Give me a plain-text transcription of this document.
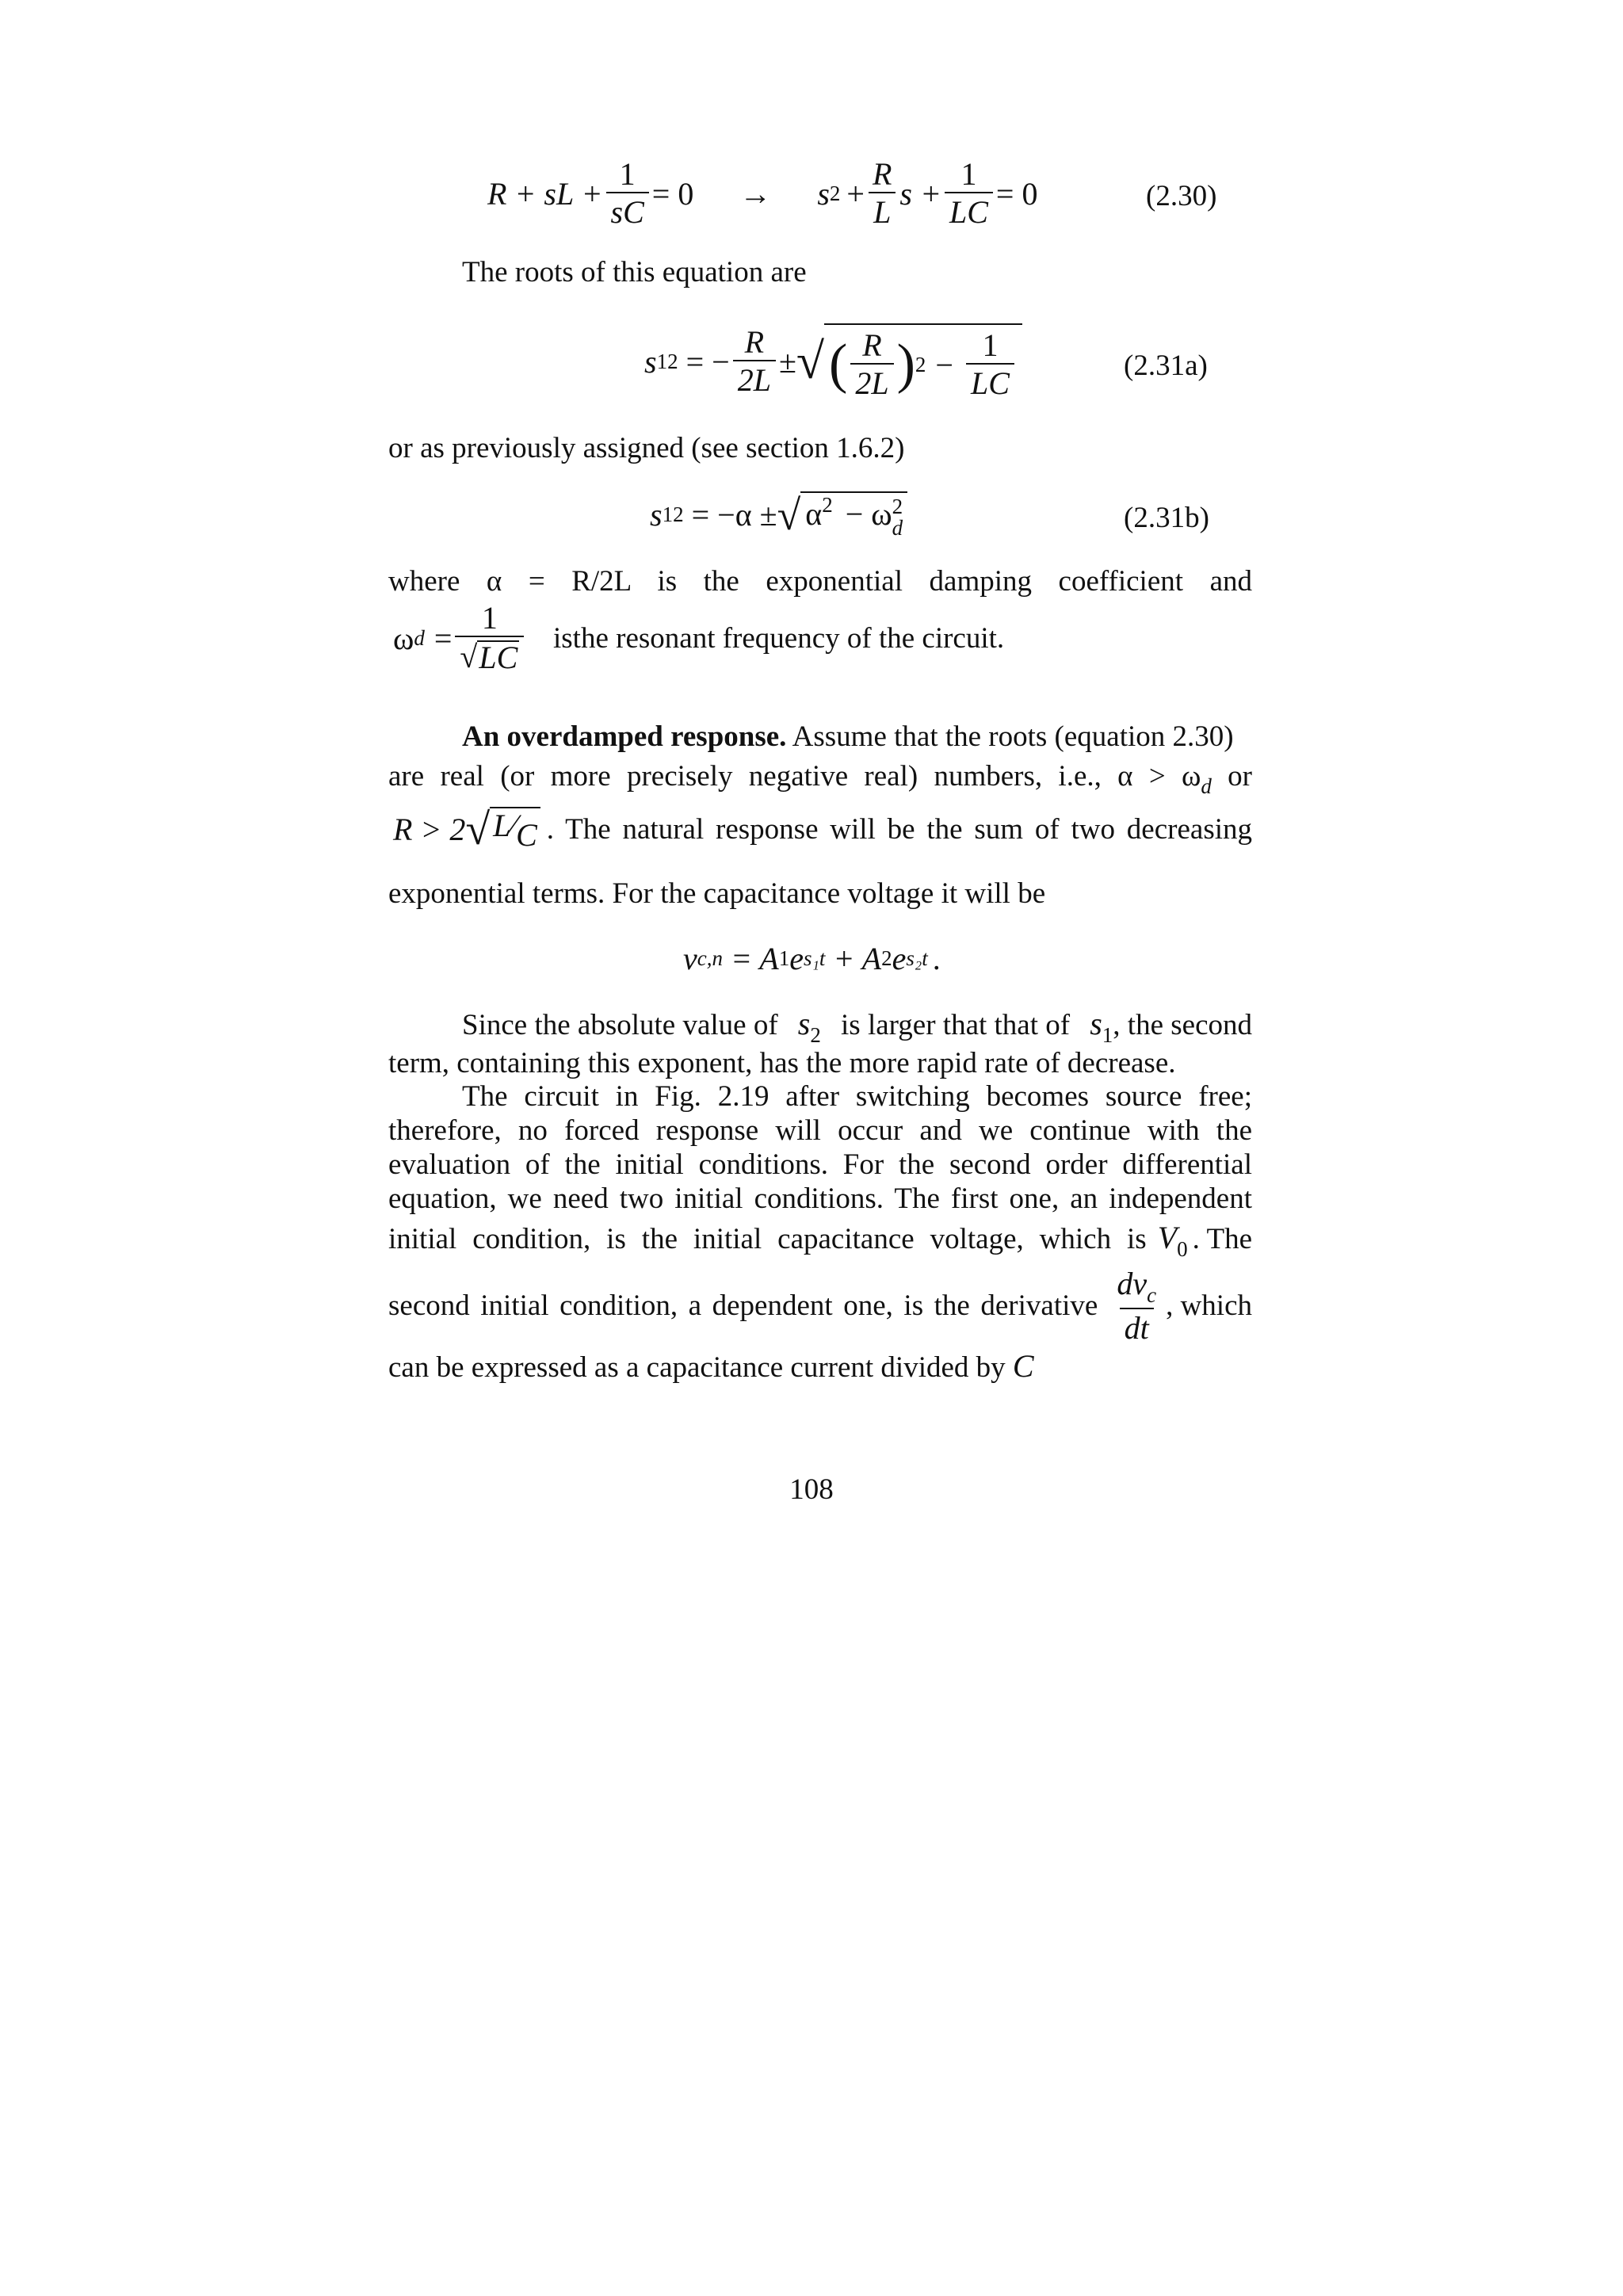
R + sL + $\frac{1}{sC} = 0 \to s$ $2 + \frac{R}{L}$ $s + \frac{1}{LC} = 0$	(2.30)
The roots of this equation are
s 12 = − $\frac{R}{2L}$ ± √ ( $\frac{R}{2L}$ ) $2 - \frac{1}{LC}$	(2.31a)
or as previously assigned (see section 1.6.2)
s 12 = −α ± √ $\alpha^2 - \omega$ 2
d	(2.31b)
where   α   =   R/2L   is   the   exponential   damping   coefficient   and
ω $d = \frac{1}{√ LC}$ isthe resonant frequency of the circuit.
An overdamped response. Assume that the roots (equation 2.30)
are real (or more precisely negative real) numbers, i.e., $\alpha > \omega_d$ or
R > 2 √ L⁄C . The natural response will be the sum of two decreasing
exponential terms. For the capacitance voltage it will be
v c,n = A 1 e s₁t + A 2 e s₂t .
Since the absolute value of $s_2$ is larger that that of $s_1$, the second
term, containing this exponent, has the more rapid rate of decrease.
The circuit in Fig. 2.19 after switching becomes source free;
therefore, no forced response will occur and we continue with the
evaluation of the initial conditions. For the second order differential
equation, we need two initial conditions. The first one, an independent
initial condition, is the initial capacitance voltage, which is $V_0$ . The
second initial condition, a dependent one, is the derivative $\frac{dv_c}{dt}$ , which
can be expressed as a capacitance current divided by C
108
